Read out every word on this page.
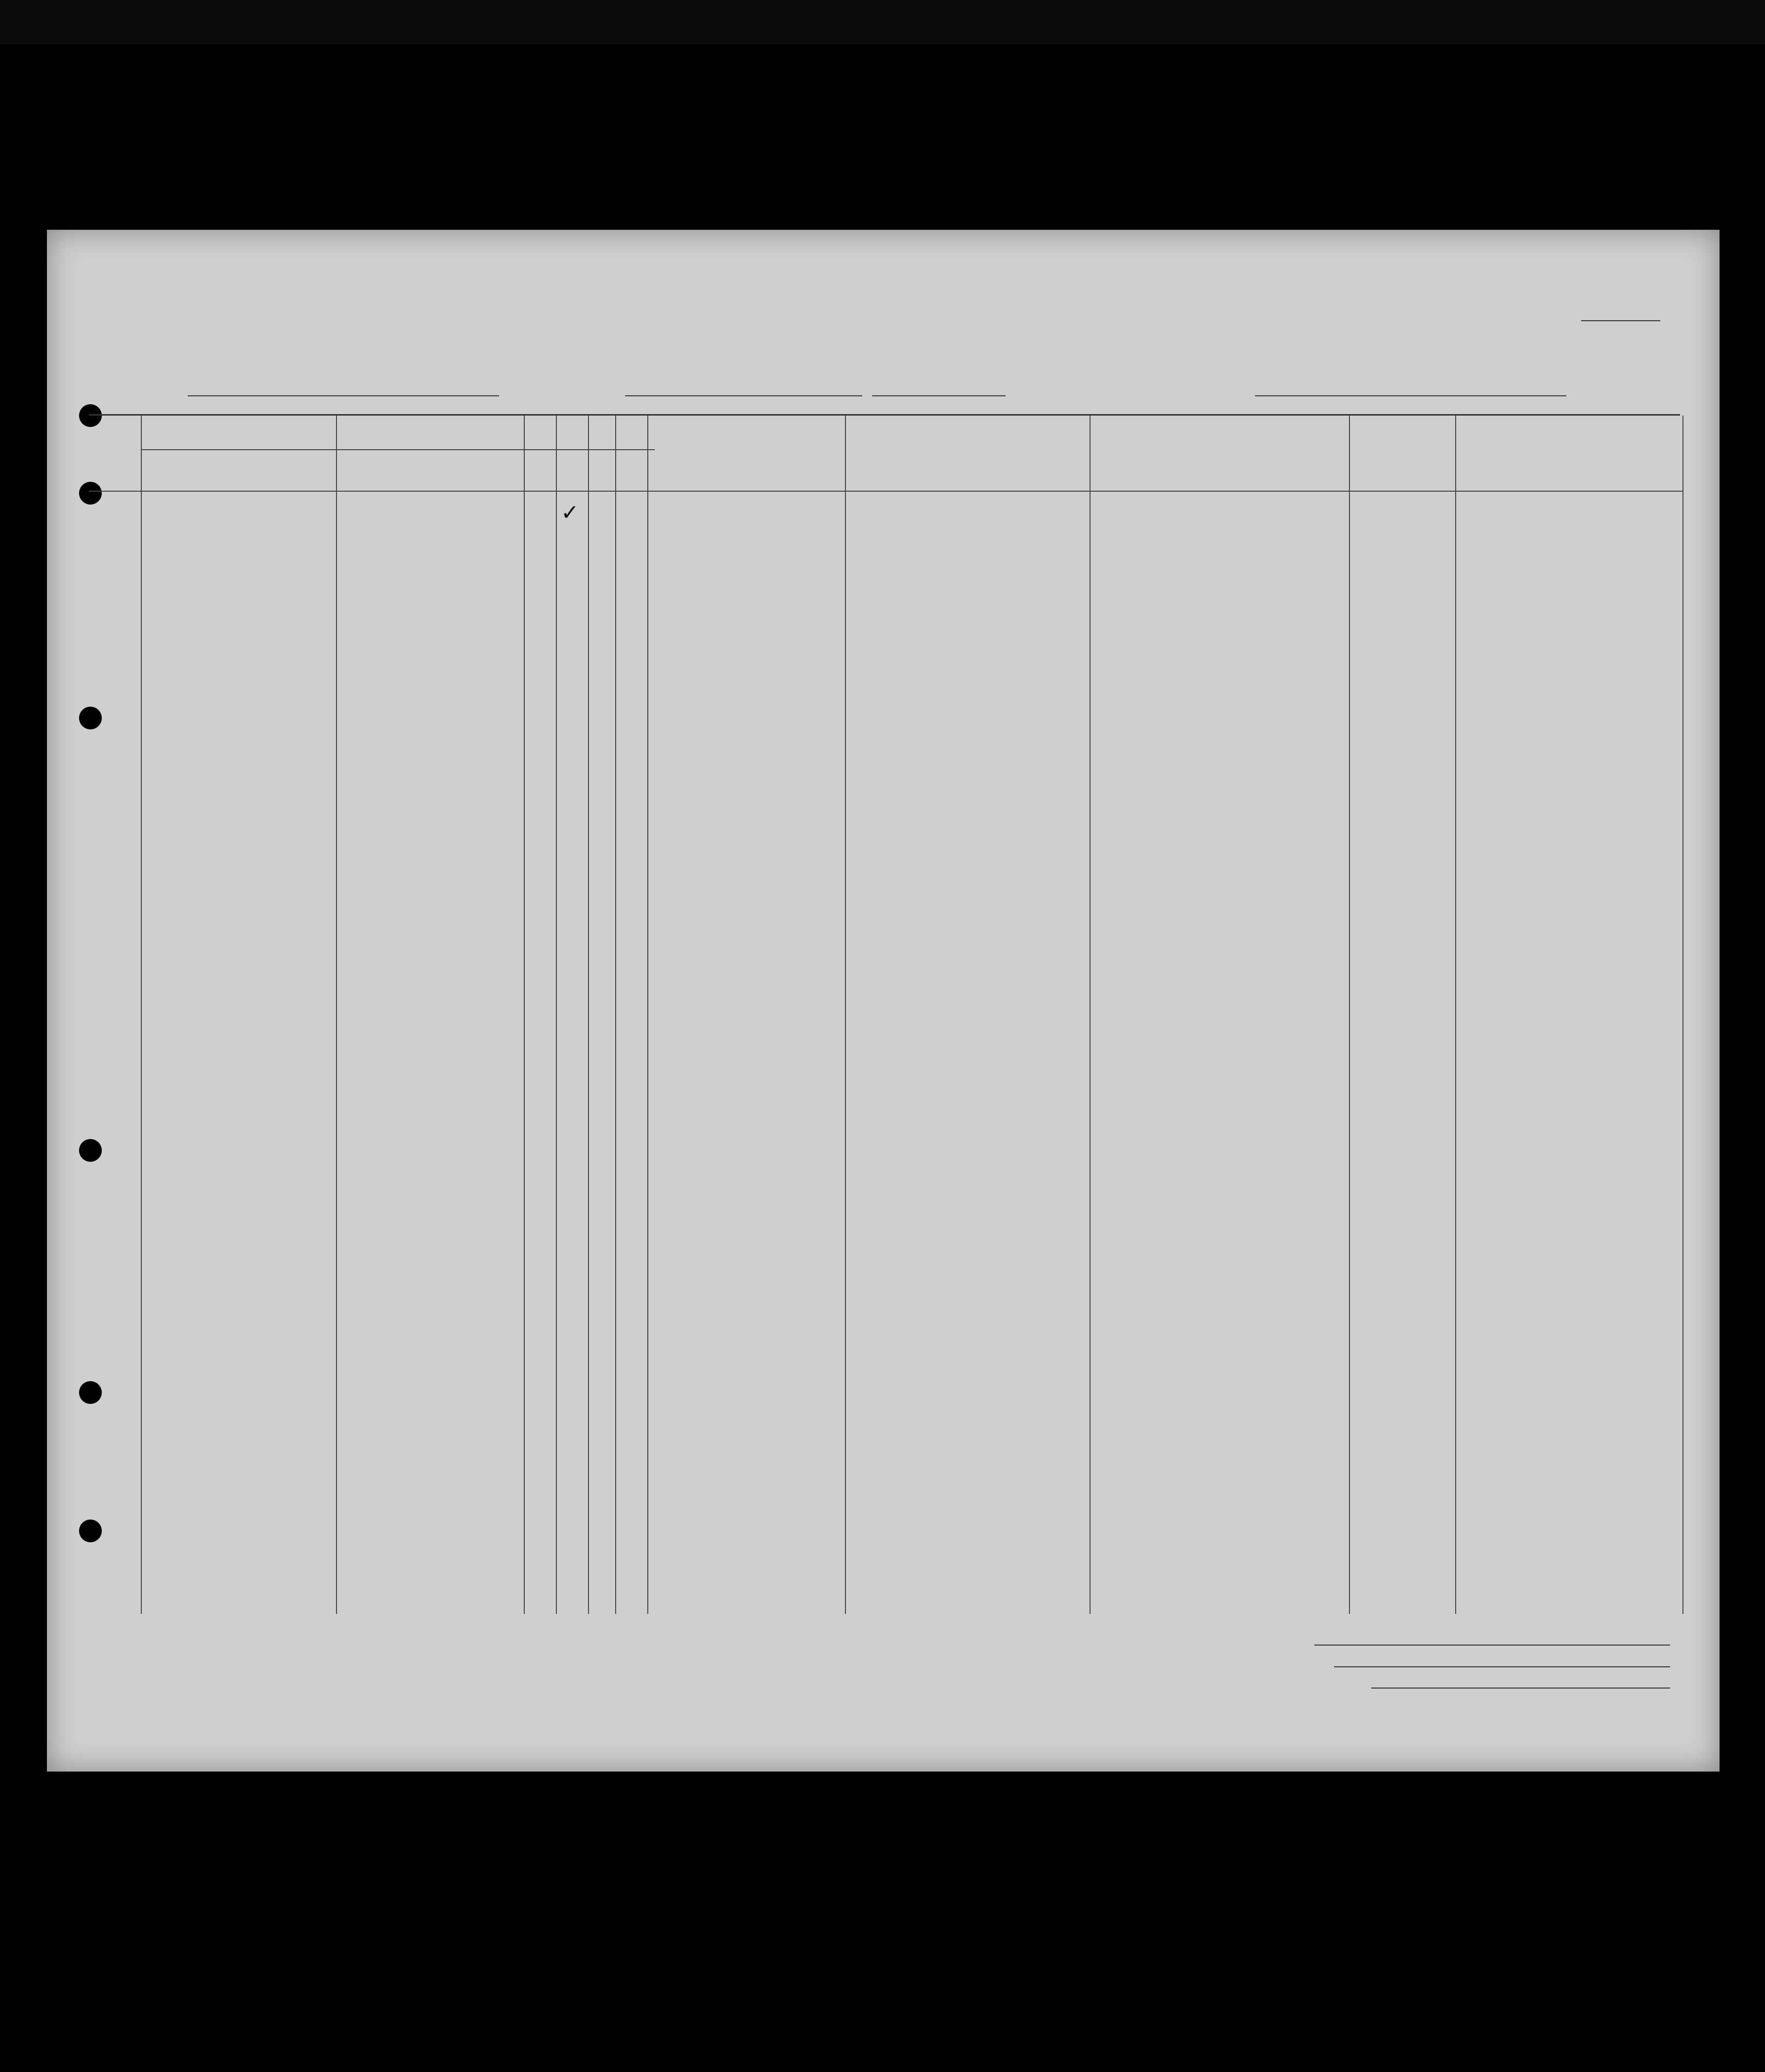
✓
